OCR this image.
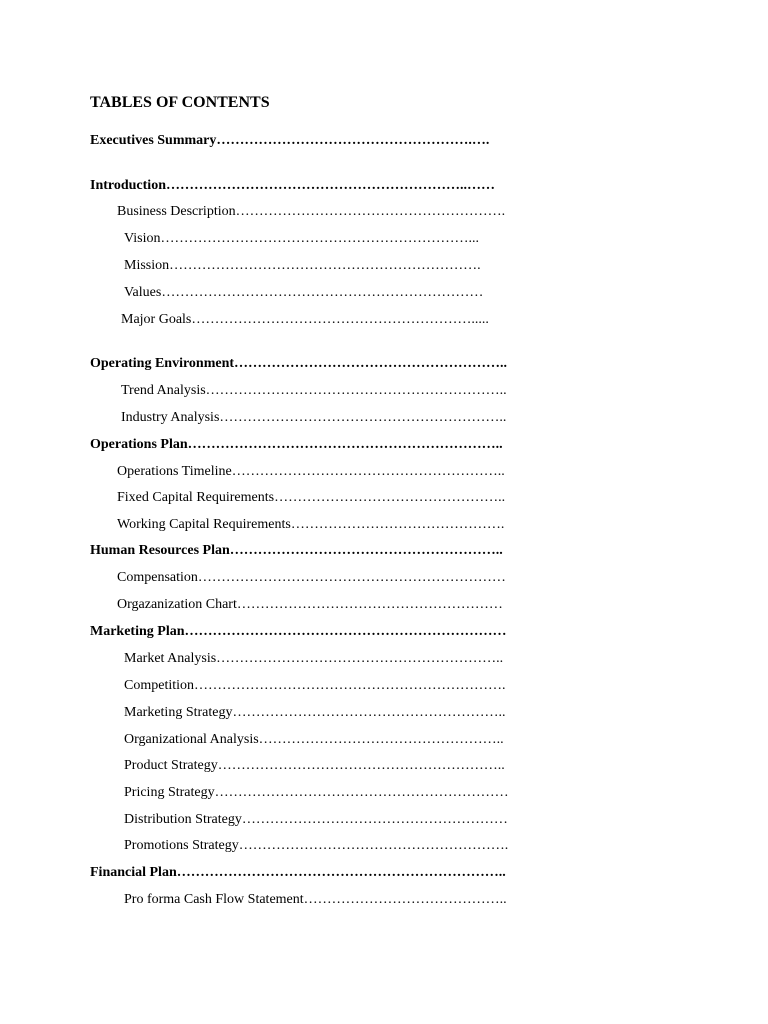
TABLES OF CONTENTS
Executives Summary……………………………………………….….
Introduction………………………………………………………..……
Business Description………………………………………………….
Vision…………………………………………………………...
Mission………………………………………………………….
Values……………………………………………………………
Major Goals…………………………………………………….....
Operating Environment…………………………………………………..
Trend Analysis………………………………………………………..
Industry Analysis……………………………………………………..
Operations Plan…………………………………………………………..
Operations Timeline…………………………………………………..
Fixed Capital Requirements…………………………………………..
Working Capital Requirements……………………………………….
Human Resources Plan…………………………………………………..
Compensation…………………………………………………………
Orgazanization Chart…………………………………………………
Marketing Plan……………………………………………………………
Market Analysis……………………………………………………..
Competition………………………………………………………….
Marketing Strategy…………………………………………………..
Organizational Analysis……………………………………………..
Product Strategy……………………………………………………..
Pricing Strategy………………………………………………………
Distribution Strategy…………………………………………………
Promotions Strategy………………………………………………….
Financial Plan……………………………………………………………..
Pro forma Cash Flow Statement……………………………………..
